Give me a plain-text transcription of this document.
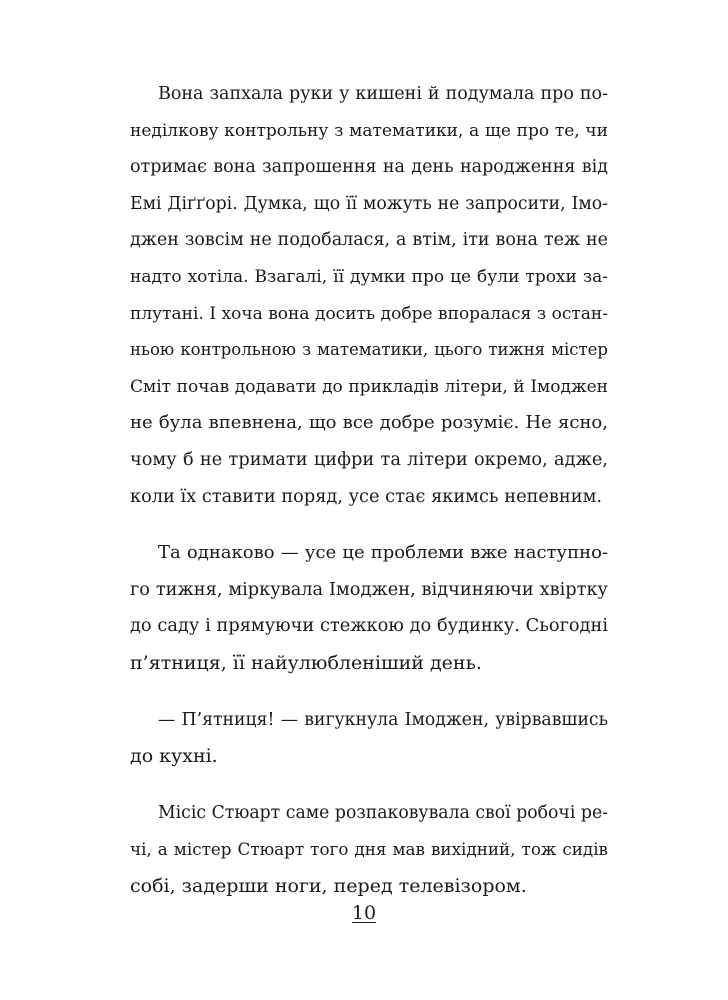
Вона запхала руки у кишені й подумала про по-
неділкову контрольну з математики, а ще про те, чи
отримає вона запрошення на день народження від
Емі Діґґорі. Думка, що її можуть не запросити, Імо-
джен зовсім не подобалася, а втім, іти вона теж не
надто хотіла. Взагалі, її думки про це були трохи за-
плутані. І хоча вона досить добре впоралася з остан-
ньою контрольною з математики, цього тижня містер
Сміт почав додавати до прикладів літери, й Імоджен
не була впевнена, що все добре розуміє. Не ясно,
чому б не тримати цифри та літери окремо, адже,
коли їх ставити поряд, усе стає якимсь непевним.
Та однаково — усе це проблеми вже наступно-
го тижня, міркувала Імоджен, відчиняючи хвіртку
до саду і прямуючи стежкою до будинку. Сьогодні
п’ятниця, її найулюбленіший день.
— П’ятниця! — вигукнула Імоджен, увірвавшись
до кухні.
Місіс Стюарт саме розпаковувала свої робочі ре-
чі, а містер Стюарт того дня мав вихідний, тож сидів
собі, задерши ноги, перед телевізором.
10
